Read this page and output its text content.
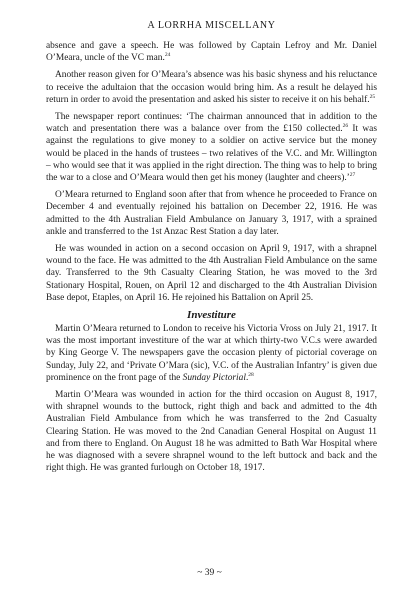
A LORRHA MISCELLANY

absence and gave a speech. He was followed by Captain Lefroy and Mr. Daniel O’Meara, uncle of the VC man.$^{24}$

Another reason given for O’Meara’s absence was his basic shyness and his reluctance to receive the adultaion that the occasion would bring him. As a result he delayed his return in order to avoid the presentation and asked his sister to receive it on his behalf.$^{25}$

The newspaper report continues: ‘The chairman announced that in addition to the watch and presentation there was a balance over from the £150 collected.$^{26}$ It was against the regulations to give money to a soldier on active service but the money would be placed in the hands of trustees – two relatives of the V.C. and Mr. Willington – who would see that it was applied in the right direction. The thing was to help to bring the war to a close and O’Meara would then get his money (laughter and cheers).’$^{27}$

O’Meara returned to England soon after that from whence he proceeded to France on December 4 and eventually rejoined his battalion on December 22, 1916. He was admitted to the 4th Australian Field Ambulance on January 3, 1917, with a sprained ankle and transferred to the 1st Anzac Rest Station a day later.

He was wounded in action on a second occasion on April 9, 1917, with a shrapnel wound to the face. He was admitted to the 4th Australian Field Ambulance on the same day. Transferred to the 9th Casualty Clearing Station, he was moved to the 3rd Stationary Hospital, Rouen, on April 12 and discharged to the 4th Australian Division Base depot, Etaples, on April 16. He rejoined his Battalion on April 25.

Investiture

Martin O’Meara returned to London to receive his Victoria Vross on July 21, 1917. It was the most important investiture of the war at which thirty-two V.C.s were awarded by King George V. The newspapers gave the occasion plenty of pictorial coverage on Sunday, July 22, and ‘Private O’Mara (sic), V.C. of the Australian Infantry’ is given due prominence on the front page of the Sunday Pictorial.$^{28}$

Martin O’Meara was wounded in action for the third occasion on August 8, 1917, with shrapnel wounds to the buttock, right thigh and back and admitted to the 4th Australian Field Ambulance from which he was transferred to the 2nd Casualty Clearing Station. He was moved to the 2nd Canadian General Hospital on August 11 and from there to England. On August 18 he was admitted to Bath War Hospital where he was diagnosed with a severe shrapnel wound to the left buttock and back and the right thigh. He was granted furlough on October 18, 1917.

~ 39 ~
